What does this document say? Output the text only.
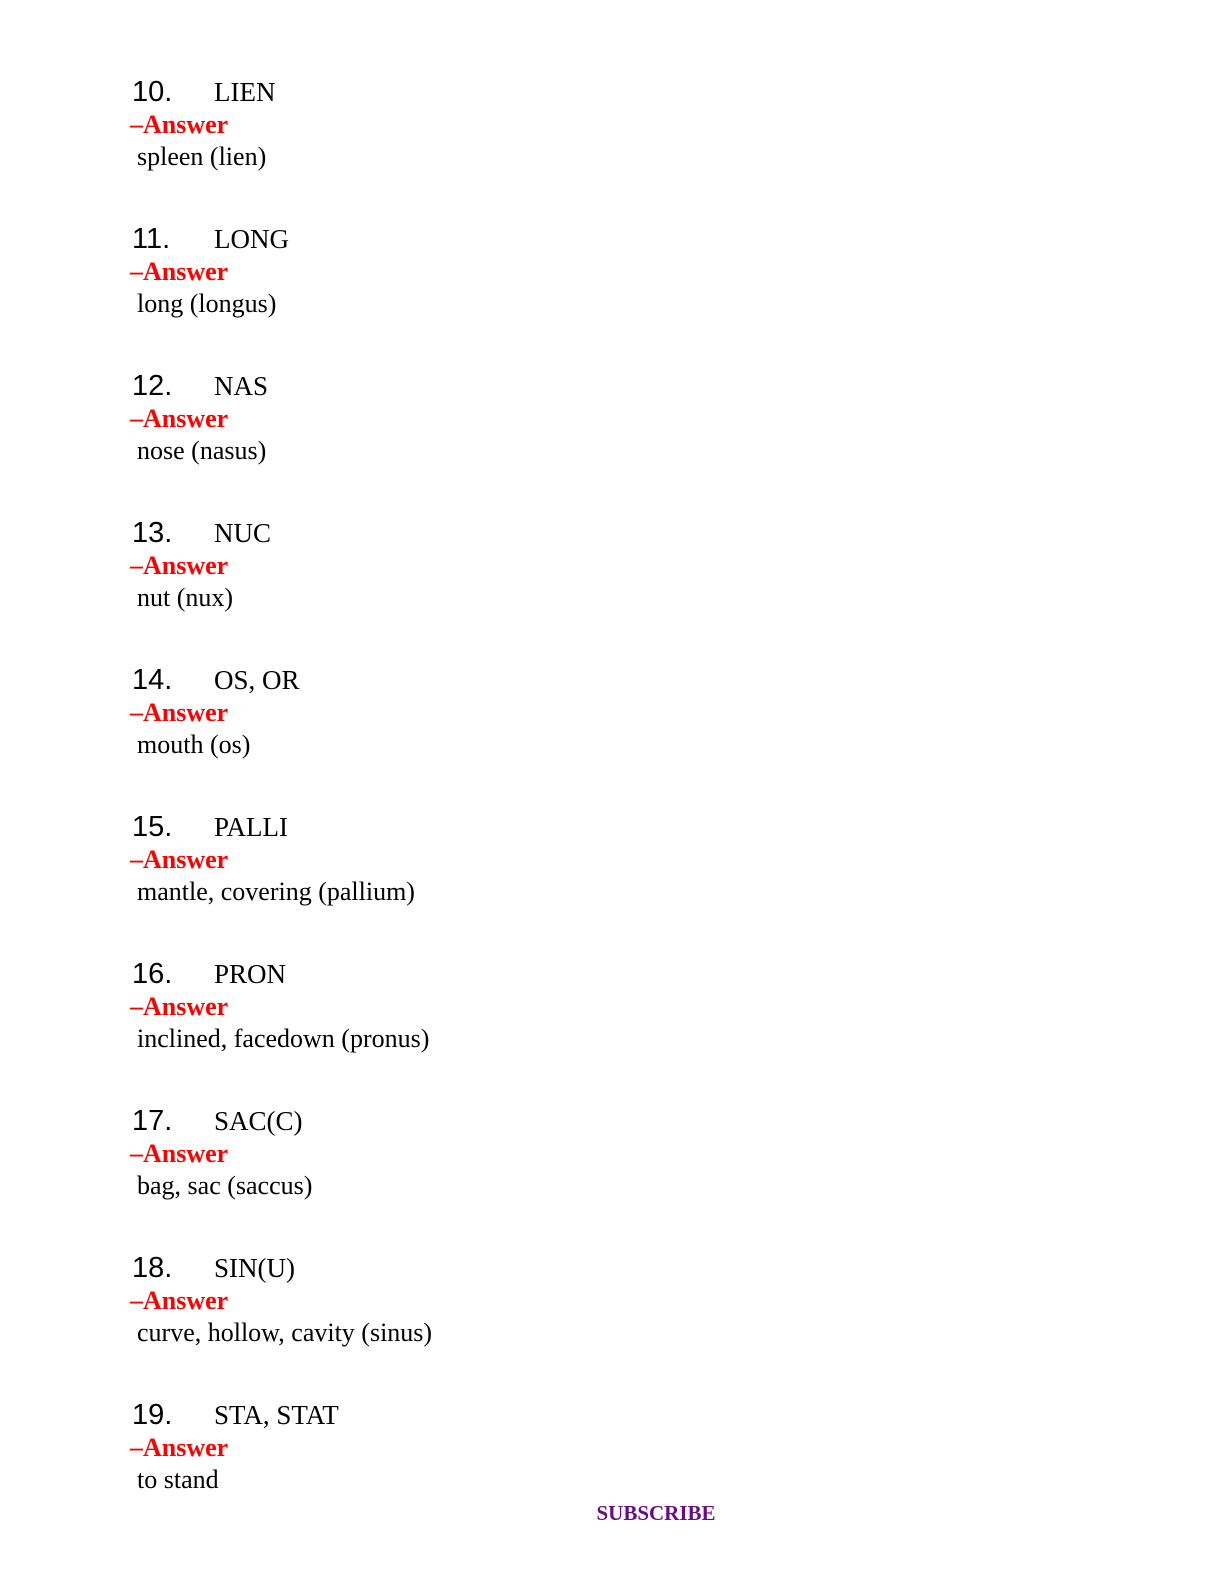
10. LIEN
–Answer
spleen (lien)
11. LONG
–Answer
long (longus)
12. NAS
–Answer
nose (nasus)
13. NUC
–Answer
nut (nux)
14. OS, OR
–Answer
mouth (os)
15. PALLI
–Answer
mantle, covering (pallium)
16. PRON
–Answer
inclined, facedown (pronus)
17. SAC(C)
–Answer
bag, sac (saccus)
18. SIN(U)
–Answer
curve, hollow, cavity (sinus)
19. STA, STAT
–Answer
to stand
SUBSCRIBE
